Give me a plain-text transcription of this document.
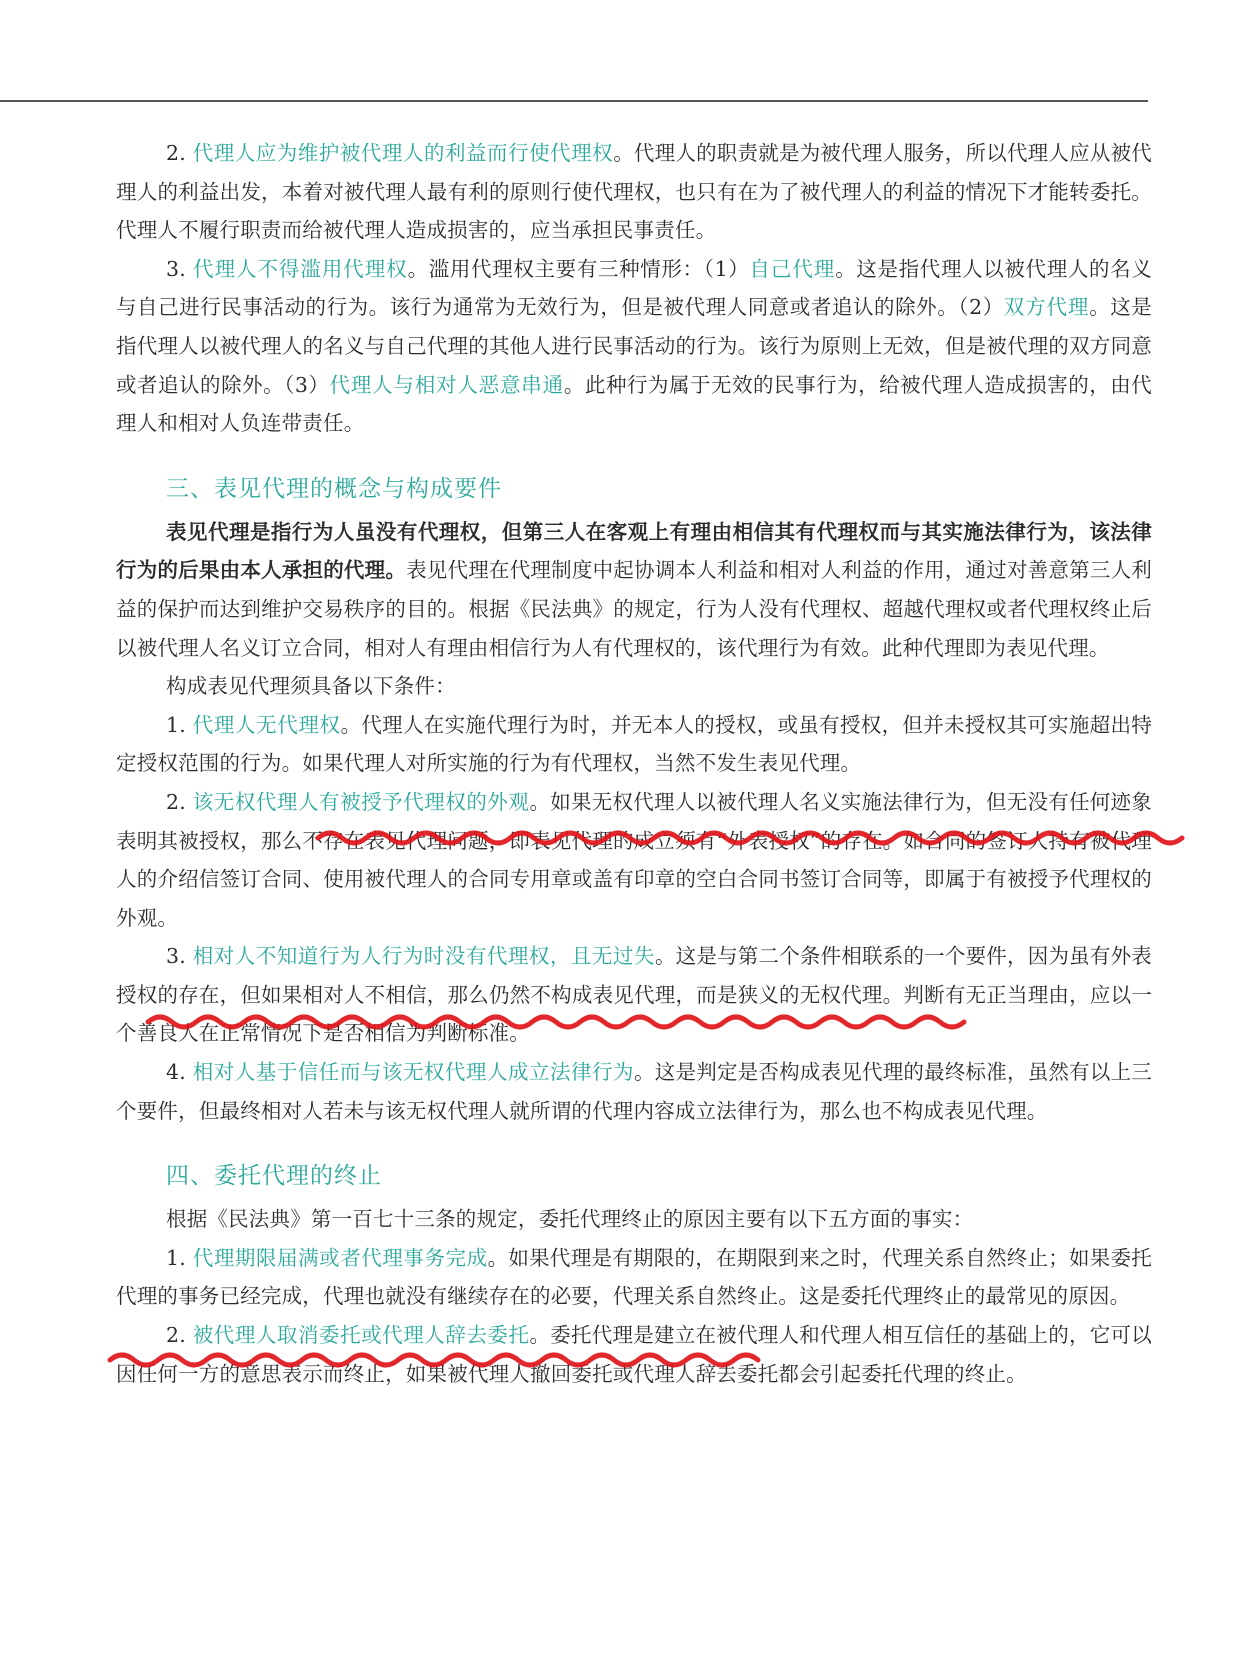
2. 代理人应为维护被代理人的利益而行使代理权。代理人的职责就是为被代理人服务，所以代理人应从被代理人的利益出发，本着对被代理人最有利的原则行使代理权，也只有在为了被代理人的利益的情况下才能转委托。代理人不履行职责而给被代理人造成损害的，应当承担民事责任。

3. 代理人不得滥用代理权。滥用代理权主要有三种情形：（1）自己代理。这是指代理人以被代理人的名义与自己进行民事活动的行为。该行为通常为无效行为，但是被代理人同意或者追认的除外。（2）双方代理。这是指代理人以被代理人的名义与自己代理的其他人进行民事活动的行为。该行为原则上无效，但是被代理的双方同意或者追认的除外。（3）代理人与相对人恶意串通。此种行为属于无效的民事行为，给被代理人造成损害的，由代理人和相对人负连带责任。

三、表见代理的概念与构成要件

表见代理是指行为人虽没有代理权，但第三人在客观上有理由相信其有代理权而与其实施法律行为，该法律行为的后果由本人承担的代理。表见代理在代理制度中起协调本人利益和相对人利益的作用，通过对善意第三人利益的保护而达到维护交易秩序的目的。根据《民法典》的规定，行为人没有代理权、超越代理权或者代理权终止后以被代理人名义订立合同，相对人有理由相信行为人有代理权的，该代理行为有效。此种代理即为表见代理。

构成表见代理须具备以下条件：

1. 代理人无代理权。代理人在实施代理行为时，并无本人的授权，或虽有授权，但并未授权其可实施超出特定授权范围的行为。如果代理人对所实施的行为有代理权，当然不发生表见代理。

2. 该无权代理人有被授予代理权的外观。如果无权代理人以被代理人名义实施法律行为，但无没有任何迹象表明其被授权，那么不存在表见代理问题，即表见代理的成立须有“外表授权”的存在。如合同的签订人持有被代理人的介绍信签订合同、使用被代理人的合同专用章或盖有印章的空白合同书签订合同等，即属于有被授予代理权的外观。

3. 相对人不知道行为人行为时没有代理权，且无过失。这是与第二个条件相联系的一个要件，因为虽有外表授权的存在，但如果相对人不相信，那么仍然不构成表见代理，而是狭义的无权代理。判断有无正当理由，应以一个善良人在正常情况下是否相信为判断标准。

4. 相对人基于信任而与该无权代理人成立法律行为。这是判定是否构成表见代理的最终标准，虽然有以上三个要件，但最终相对人若未与该无权代理人就所谓的代理内容成立法律行为，那么也不构成表见代理。

四、委托代理的终止

根据《民法典》第一百七十三条的规定，委托代理终止的原因主要有以下五方面的事实：

1. 代理期限届满或者代理事务完成。如果代理是有期限的，在期限到来之时，代理关系自然终止；如果委托代理的事务已经完成，代理也就没有继续存在的必要，代理关系自然终止。这是委托代理终止的最常见的原因。

2. 被代理人取消委托或代理人辞去委托。委托代理是建立在被代理人和代理人相互信任的基础上的，它可以因任何一方的意思表示而终止，如果被代理人撤回委托或代理人辞去委托都会引起委托代理的终止。
